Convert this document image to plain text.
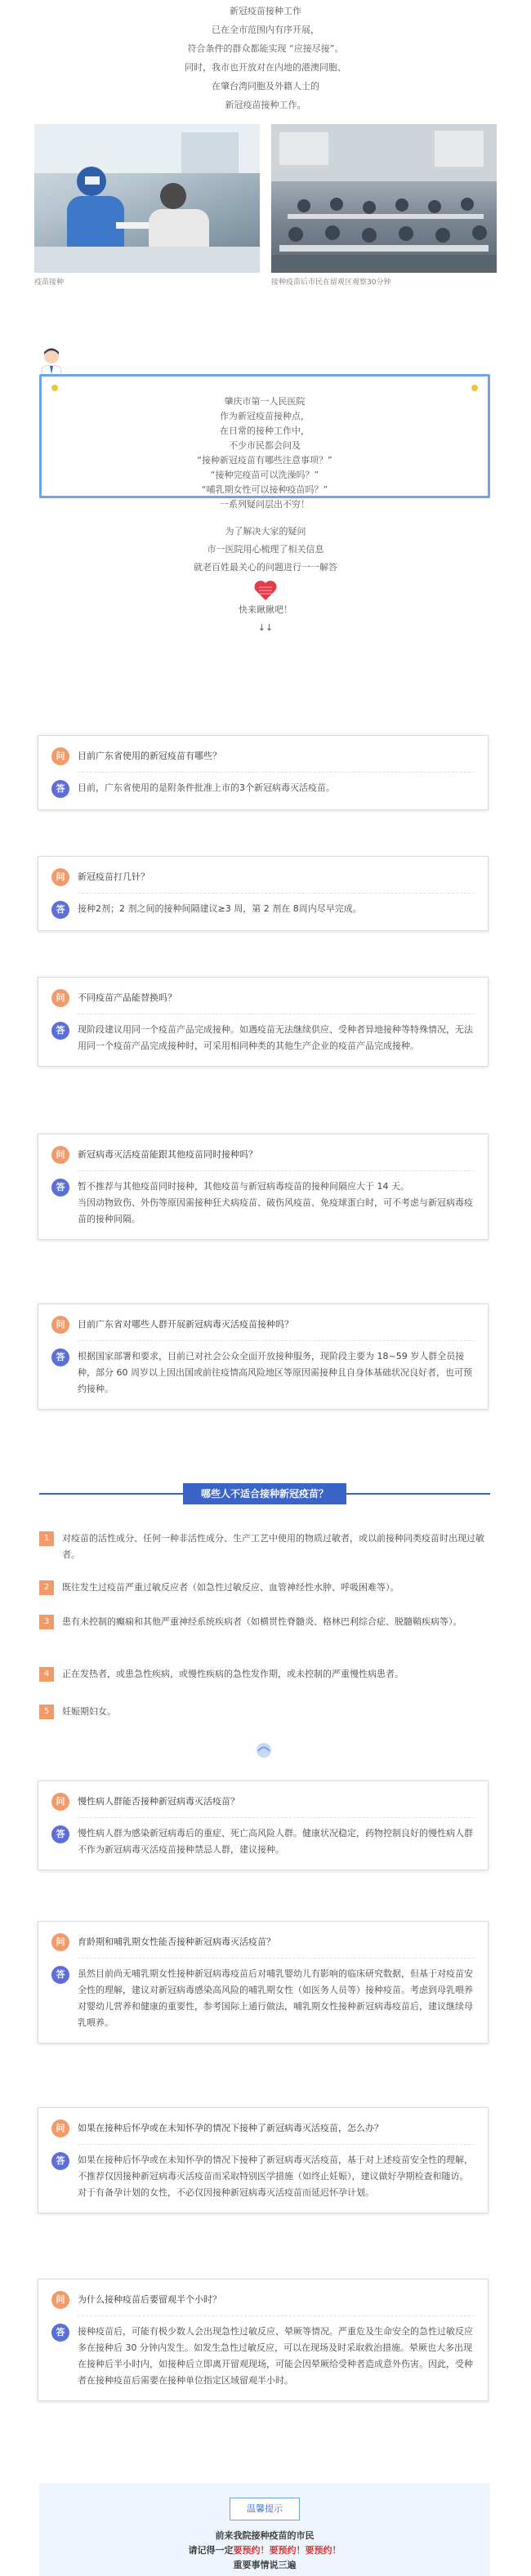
新冠疫苗接种工作
已在全市范围内有序开展，
符合条件的群众都能实现 “应接尽接”。
同时，我市也开放对在内地的港澳同胞、
在肇台湾同胞及外籍人士的
新冠疫苗接种工作。
疫苗接种	接种疫苗后市民在留观区观察30分钟
肇庆市第一人民医院
作为新冠疫苗接种点，
在日常的接种工作中，
不少市民都会问及
“接种新冠疫苗有哪些注意事项？”
“接种完疫苗可以洗澡吗？”
“哺乳期女性可以接种疫苗吗？”
一系列疑问层出不穷！
为了解决大家的疑问
市一医院用心梳理了相关信息
就老百姓最关心的问题进行一一解答
快来瞅瞅吧！
↓↓
问	目前广东省使用的新冠疫苗有哪些？
答	目前，广东省使用的是附条件批准上市的3个新冠病毒灭活疫苗。
问	新冠疫苗打几针？
答	接种2剂；2 剂之间的接种间隔建议≥3 周，第 2 剂在 8周内尽早完成。
问	不同疫苗产品能替换吗？
答	现阶段建议用同一个疫苗产品完成接种。如遇疫苗无法继续供应、受种者异地接种等特殊情况，无法用同一个疫苗产品完成接种时，可采用相同种类的其他生产企业的疫苗产品完成接种。
问	新冠病毒灭活疫苗能跟其他疫苗同时接种吗？
答	暂不推荐与其他疫苗同时接种，其他疫苗与新冠病毒疫苗的接种间隔应大于 14 天。
当因动物致伤、外伤等原因需接种狂犬病疫苗、破伤风疫苗、免疫球蛋白时，可不考虑与新冠病毒疫苗的接种间隔。
问	目前广东省对哪些人群开展新冠病毒灭活疫苗接种吗？
答	根据国家部署和要求，目前已对社会公众全面开放接种服务，现阶段主要为 18~59 岁人群全员接种，部分 60 周岁以上因出国或前往疫情高风险地区等原因需接种且自身体基础状况良好者，也可预约接种。
哪些人不适合接种新冠疫苗？
1	对疫苗的活性成分、任何一种非活性成分、生产工艺中使用的物质过敏者，或以前接种同类疫苗时出现过敏者。
2	既往发生过疫苗严重过敏反应者（如急性过敏反应、血管神经性水肿、呼吸困难等）。
3	患有未控制的癫痫和其他严重神经系统疾病者（如横贯性脊髓炎、格林巴利综合症、脱髓鞘疾病等）。
4	正在发热者，或患急性疾病，或慢性疾病的急性发作期，或未控制的严重慢性病患者。
5	妊娠期妇女。
问	慢性病人群能否接种新冠病毒灭活疫苗？
答	慢性病人群为感染新冠病毒后的重症、死亡高风险人群。健康状况稳定，药物控制良好的慢性病人群不作为新冠病毒灭活疫苗接种禁忌人群，建议接种。
问	育龄期和哺乳期女性能否接种新冠病毒灭活疫苗？
答	虽然目前尚无哺乳期女性接种新冠病毒疫苗后对哺乳婴幼儿有影响的临床研究数据，但基于对疫苗安全性的理解，建议对新冠病毒感染高风险的哺乳期女性（如医务人员等）接种疫苗。考虑到母乳喂养对婴幼儿营养和健康的重要性，参考国际上通行做法，哺乳期女性接种新冠病毒疫苗后，建议继续母乳喂养。
问	如果在接种后怀孕或在未知怀孕的情况下接种了新冠病毒灭活疫苗，怎么办？
答	如果在接种后怀孕或在未知怀孕的情况下接种了新冠病毒灭活疫苗，基于对上述疫苗安全性的理解，不推荐仅因接种新冠病毒灭活疫苗而采取特别医学措施（如终止妊娠），建议做好孕期检查和随访。对于有备孕计划的女性，不必仅因接种新冠病毒灭活疫苗而延迟怀孕计划。
问	为什么接种疫苗后要留观半个小时？
答	接种疫苗后，可能有极少数人会出现急性过敏反应、晕厥等情况。严重危及生命安全的急性过敏反应多在接种后 30 分钟内发生。如发生急性过敏反应，可以在现场及时采取救治措施。晕厥也大多出现在接种后半小时内，如接种后立即离开留观现场，可能会因晕厥给受种者造成意外伤害。因此，受种者在接种疫苗后需要在接种单位指定区域留观半小时。
温馨提示
前来我院接种疫苗的市民
请记得一定要预约！要预约！要预约！
重要事情说三遍
